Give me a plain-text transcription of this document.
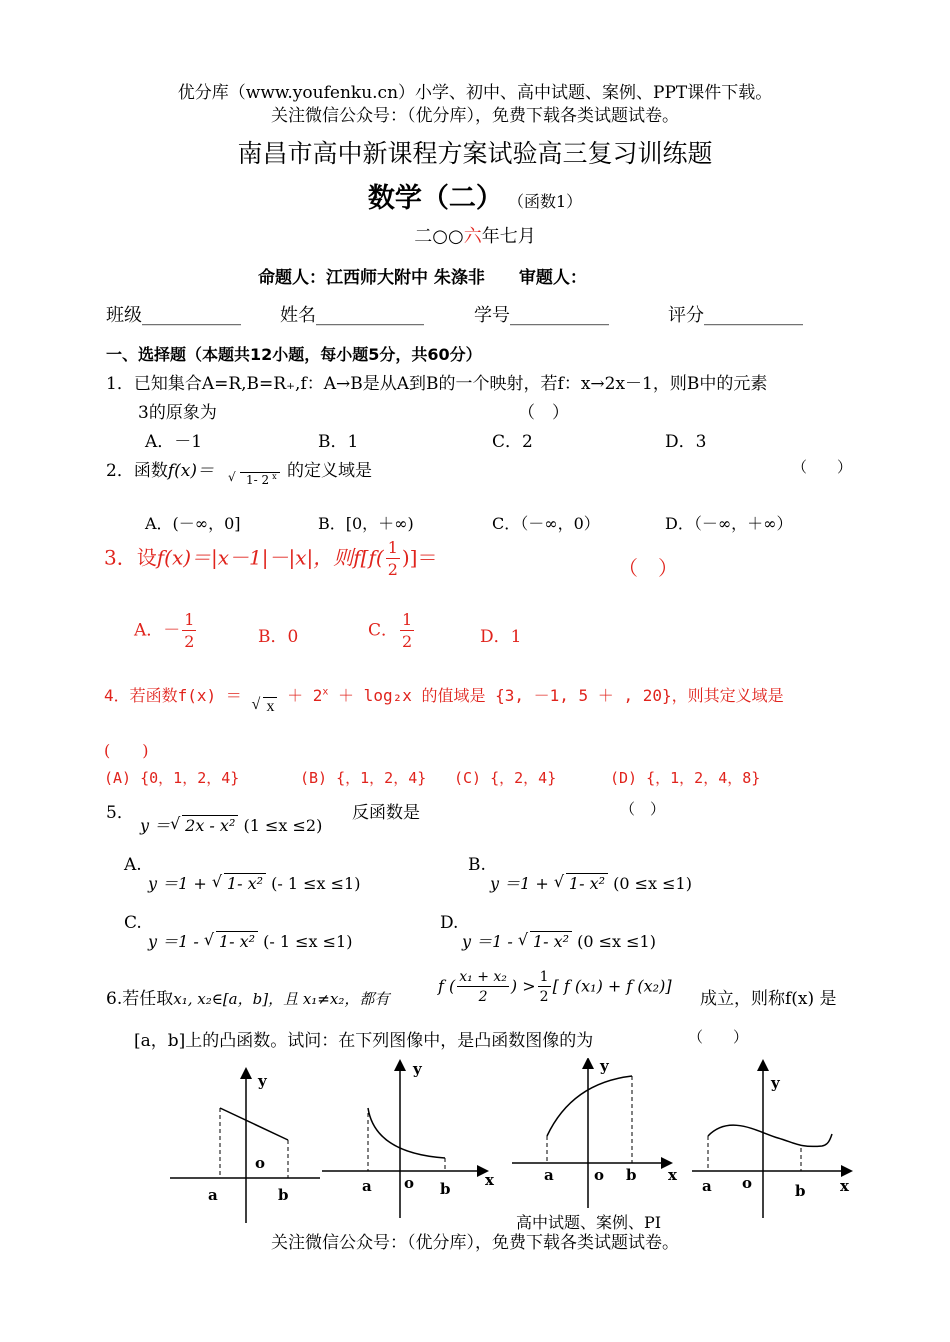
优分库（www.youfenku.cn）小学、初中、高中试题、案例、PPT课件下载。
关注微信公众号：（优分库），免费下载各类试题试卷。
南昌市高中新课程方案试验高三复习训练题
数学（二） （函数1）
二○○六年七月
命题人：江西师大附中 朱涤非　　审题人：
班级___________ 姓名____________	学号___________	评分___________
一、选择题（本题共12小题，每小题5分，共60分）
1．已知集合A=R,B=R₊,f：A→B是从A到B的一个映射，若f：x→2x－1，则B中的元素
3的原象为	（　）
A．－1	B．1	C．2	D．3
2．函数f(x)＝	√ 1- 2 $^x$ 的定义域是	（　　）
A．(－∞，0]	B．[0，＋∞)	C．（－∞，0）	D．（－∞，＋∞）
3．设f(x)＝|x－1|－|x|，则$f[f( \frac{1}{2}$ )]＝	（　）
A．－ $\frac{1}{2}$	B．0	C． $\frac{1}{2}$	D．1
4．若函数f(x) ＝ √ $x + 2^x + \log_2x$ 的值域是 {3, －1, 5 ＋ , 20}，则其定义域是
(　　)
(A) {0，1，2，4}	(B) {，1，2，4} (C) {，2，4}	(D) {，1，2，4，8}
5．
y ＝ √ 2x - x² (1 ≤x ≤2)
反函数是	（　）
A.
y ＝1 + √ 1- x² (- 1 ≤x ≤1)
B.
y ＝1 + √ 1- x² (0 ≤x ≤1)
C.
y ＝1 - √ 1- x² (- 1 ≤x ≤1)
D.
y ＝1 - √ 1- x² (0 ≤x ≤1)
6.若任取x₁, x₂∈[a，b]，且 x₁≠x₂，都有
f ( $\frac{\text{x₁ + x₂}}{2}$ ) > $\frac{1}{2}$ [ f (x₁) + f (x₂)]
成立，则称f(x) 是
[a，b]上的凸函数。试问：在下列图像中，是凸函数图像的为	（　　）
y
o
a	b
y
o
a	b x
y
o
a	b x
y
o
a	b x
高中试题、案例、PI
关注微信公众号：（优分库），免费下载各类试题试卷。
